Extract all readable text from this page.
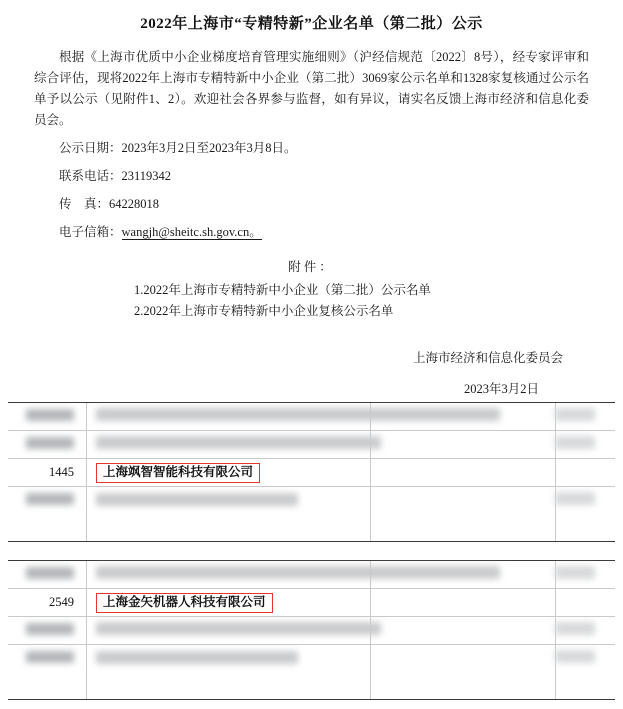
2022年上海市“专精特新”企业名单（第二批）公示
根据《上海市优质中小企业梯度培育管理实施细则》（沪经信规范〔2022〕8号），经专家评审和综合评估，现将2022年上海市专精特新中小企业（第二批）3069家公示名单和1328家复核通过公示名单予以公示（见附件1、2）。欢迎社会各界参与监督，如有异议，请实名反馈上海市经济和信息化委员会。
公示日期：2023年3月2日至2023年3月8日。
联系电话：23119342
传　真：64228018
电子信箱：wangjh@sheitc.sh.gov.cn。
附件：
1.2022年上海市专精特新中小企业（第二批）公示名单
2.2022年上海市专精特新中小企业复核公示名单
上海市经济和信息化委员会
2023年3月2日
1445	上海飒智智能科技有限公司
2549	上海金矢机器人科技有限公司
